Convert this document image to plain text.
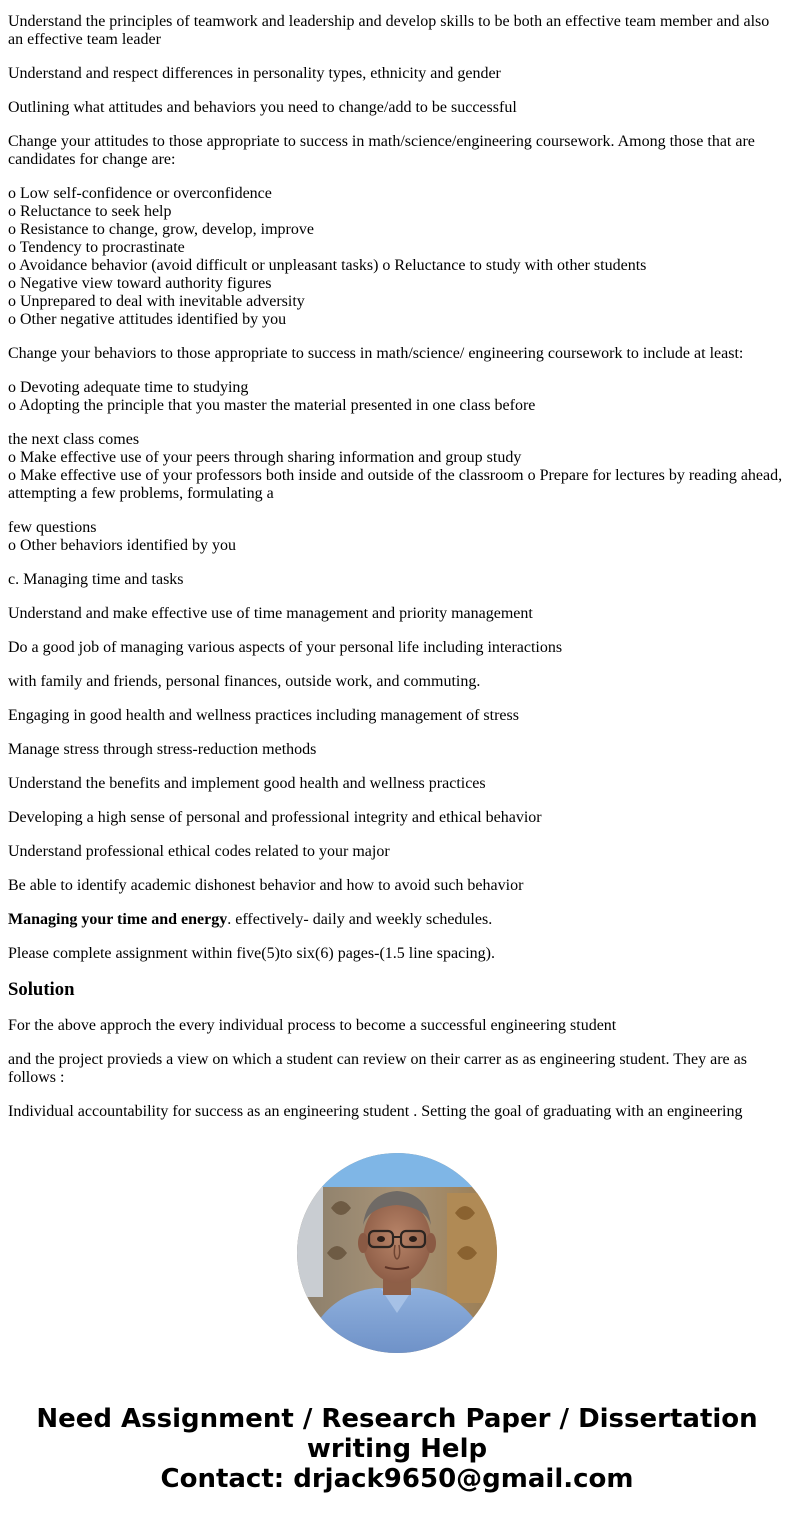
Understand the principles of teamwork and leadership and develop skills to be both an effective team member and also an effective team leader

Understand and respect differences in personality types, ethnicity and gender

Outlining what attitudes and behaviors you need to change/add to be successful

Change your attitudes to those appropriate to success in math/science/engineering coursework. Among those that are candidates for change are:

o Low self-confidence or overconfidence
o Reluctance to seek help
o Resistance to change, grow, develop, improve
o Tendency to procrastinate
o Avoidance behavior (avoid difficult or unpleasant tasks) o Reluctance to study with other students
o Negative view toward authority figures
o Unprepared to deal with inevitable adversity
o Other negative attitudes identified by you

Change your behaviors to those appropriate to success in math/science/ engineering coursework to include at least:

o Devoting adequate time to studying
o Adopting the principle that you master the material presented in one class before

the next class comes
o Make effective use of your peers through sharing information and group study
o Make effective use of your professors both inside and outside of the classroom o Prepare for lectures by reading ahead, attempting a few problems, formulating a

few questions
o Other behaviors identified by you

c. Managing time and tasks

Understand and make effective use of time management and priority management

Do a good job of managing various aspects of your personal life including interactions

with family and friends, personal finances, outside work, and commuting.

Engaging in good health and wellness practices including management of stress

Manage stress through stress-reduction methods

Understand the benefits and implement good health and wellness practices

Developing a high sense of personal and professional integrity and ethical behavior

Understand professional ethical codes related to your major

Be able to identify academic dishonest behavior and how to avoid such behavior

Managing your time and energy. effectively- daily and weekly schedules.

Please complete assignment within five(5)to six(6) pages-(1.5 line spacing).

Solution

For the above approch the every individual process to become a successful engineering student

and the project provieds a view on which a student can review on their carrer as as engineering student. They are as follows :

Individual accountability for success as an engineering student . Setting the goal of graduating with an engineering

Need Assignment / Research Paper / Dissertation
writing Help
Contact: drjack9650@gmail.com
